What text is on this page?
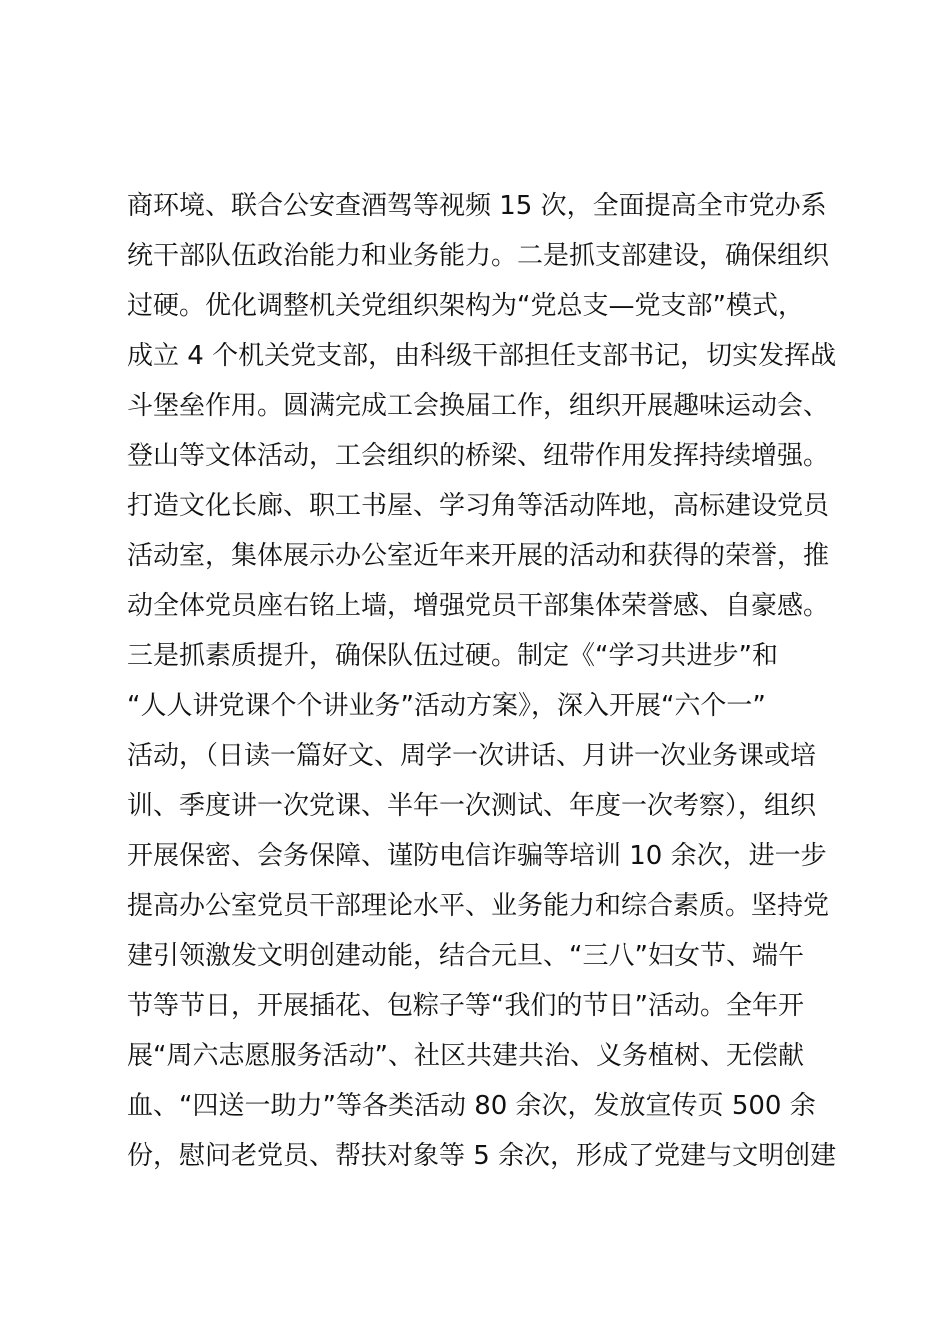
商环境、联合公安查酒驾等视频 15 次，全面提高全市党办系
统干部队伍政治能力和业务能力。二是抓支部建设，确保组织
过硬。优化调整机关党组织架构为“党总支—党支部”模式，
成立 4 个机关党支部，由科级干部担任支部书记，切实发挥战
斗堡垒作用。圆满完成工会换届工作，组织开展趣味运动会、
登山等文体活动，工会组织的桥梁、纽带作用发挥持续增强。
打造文化长廊、职工书屋、学习角等活动阵地，高标建设党员
活动室，集体展示办公室近年来开展的活动和获得的荣誉，推
动全体党员座右铭上墙，增强党员干部集体荣誉感、自豪感。
三是抓素质提升，确保队伍过硬。制定《“学习共进步”和
“人人讲党课个个讲业务”活动方案》，深入开展“六个一”
活动，（日读一篇好文、周学一次讲话、月讲一次业务课或培
训、季度讲一次党课、半年一次测试、年度一次考察），组织
开展保密、会务保障、谨防电信诈骗等培训 10 余次，进一步
提高办公室党员干部理论水平、业务能力和综合素质。坚持党
建引领激发文明创建动能，结合元旦、“三八”妇女节、端午
节等节日，开展插花、包粽子等“我们的节日”活动。全年开
展“周六志愿服务活动”、社区共建共治、义务植树、无偿献
血、“四送一助力”等各类活动 80 余次，发放宣传页 500 余
份，慰问老党员、帮扶对象等 5 余次，形成了党建与文明创建
